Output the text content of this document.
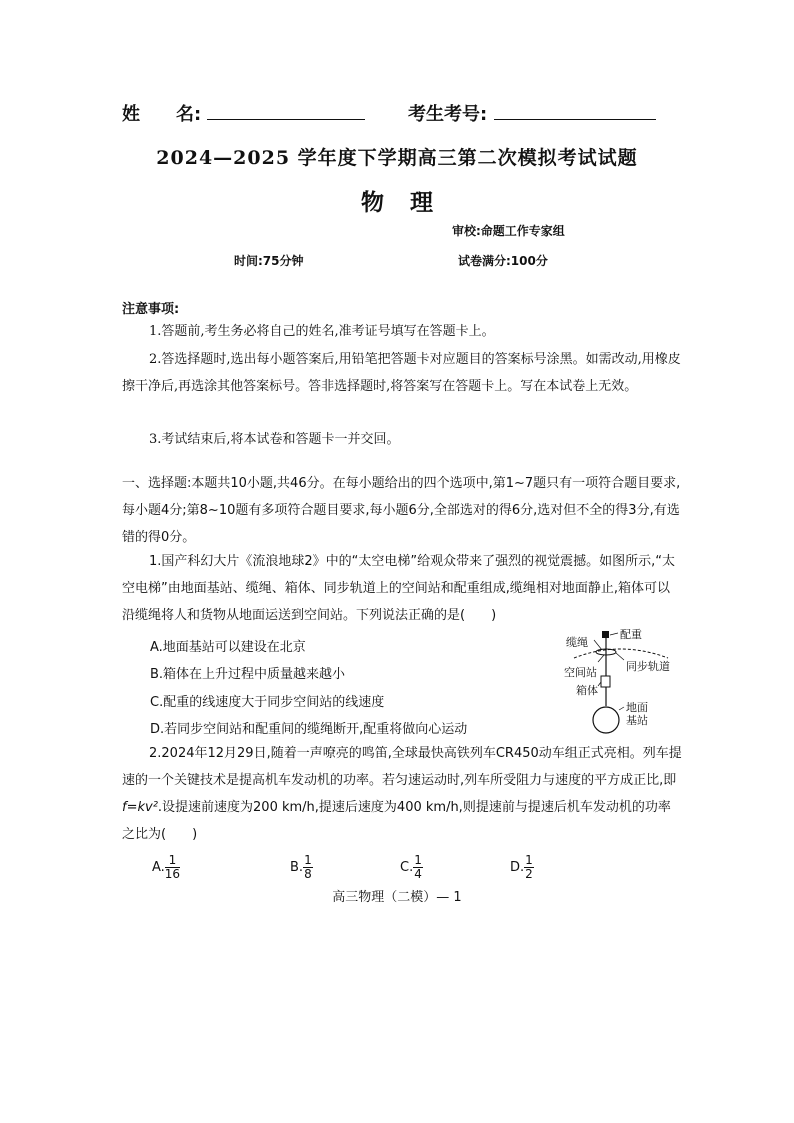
姓　　名:	考生考号:
2024—2025 学年度下学期高三第二次模拟考试试题
物理
审校:命题工作专家组
时间:75分钟	试卷满分:100分
注意事项:
1.答题前,考生务必将自己的姓名,准考证号填写在答题卡上。
2.答选择题时,选出每小题答案后,用铅笔把答题卡对应题目的答案标号涂黑。如需改动,用橡皮擦干净后,再选涂其他答案标号。答非选择题时,将答案写在答题卡上。写在本试卷上无效。
3.考试结束后,将本试卷和答题卡一并交回。
一、选择题:本题共10小题,共46分。在每小题给出的四个选项中,第1~7题只有一项符合题目要求,每小题4分;第8~10题有多项符合题目要求,每小题6分,全部选对的得6分,选对但不全的得3分,有选错的得0分。
1.国产科幻大片《流浪地球2》中的“太空电梯”给观众带来了强烈的视觉震撼。如图所示,“太空电梯”由地面基站、缆绳、箱体、同步轨道上的空间站和配重组成,缆绳相对地面静止,箱体可以沿缆绳将人和货物从地面运送到空间站。下列说法正确的是(　　)
A.地面基站可以建设在北京
B.箱体在上升过程中质量越来越小
C.配重的线速度大于同步空间站的线速度
D.若同步空间站和配重间的缆绳断开,配重将做向心运动
缆绳
配重
空间站	同步轨道
箱体
地面
基站
2.2024年12月29日,随着一声嘹亮的鸣笛,全球最快高铁列车CR450动车组正式亮相。列车提速的一个关键技术是提高机车发动机的功率。若匀速运动时,列车所受阻力与速度的平方成正比,即 f=kv².设提速前速度为200 km/h,提速后速度为400 km/h,则提速前与提速后机车发动机的功率之比为(　　)
A. $\frac{1}{16}$	B. $\frac{1}{8}$	C. $\frac{1}{4}$	D. $\frac{1}{2}$
高三物理（二模）— 1
